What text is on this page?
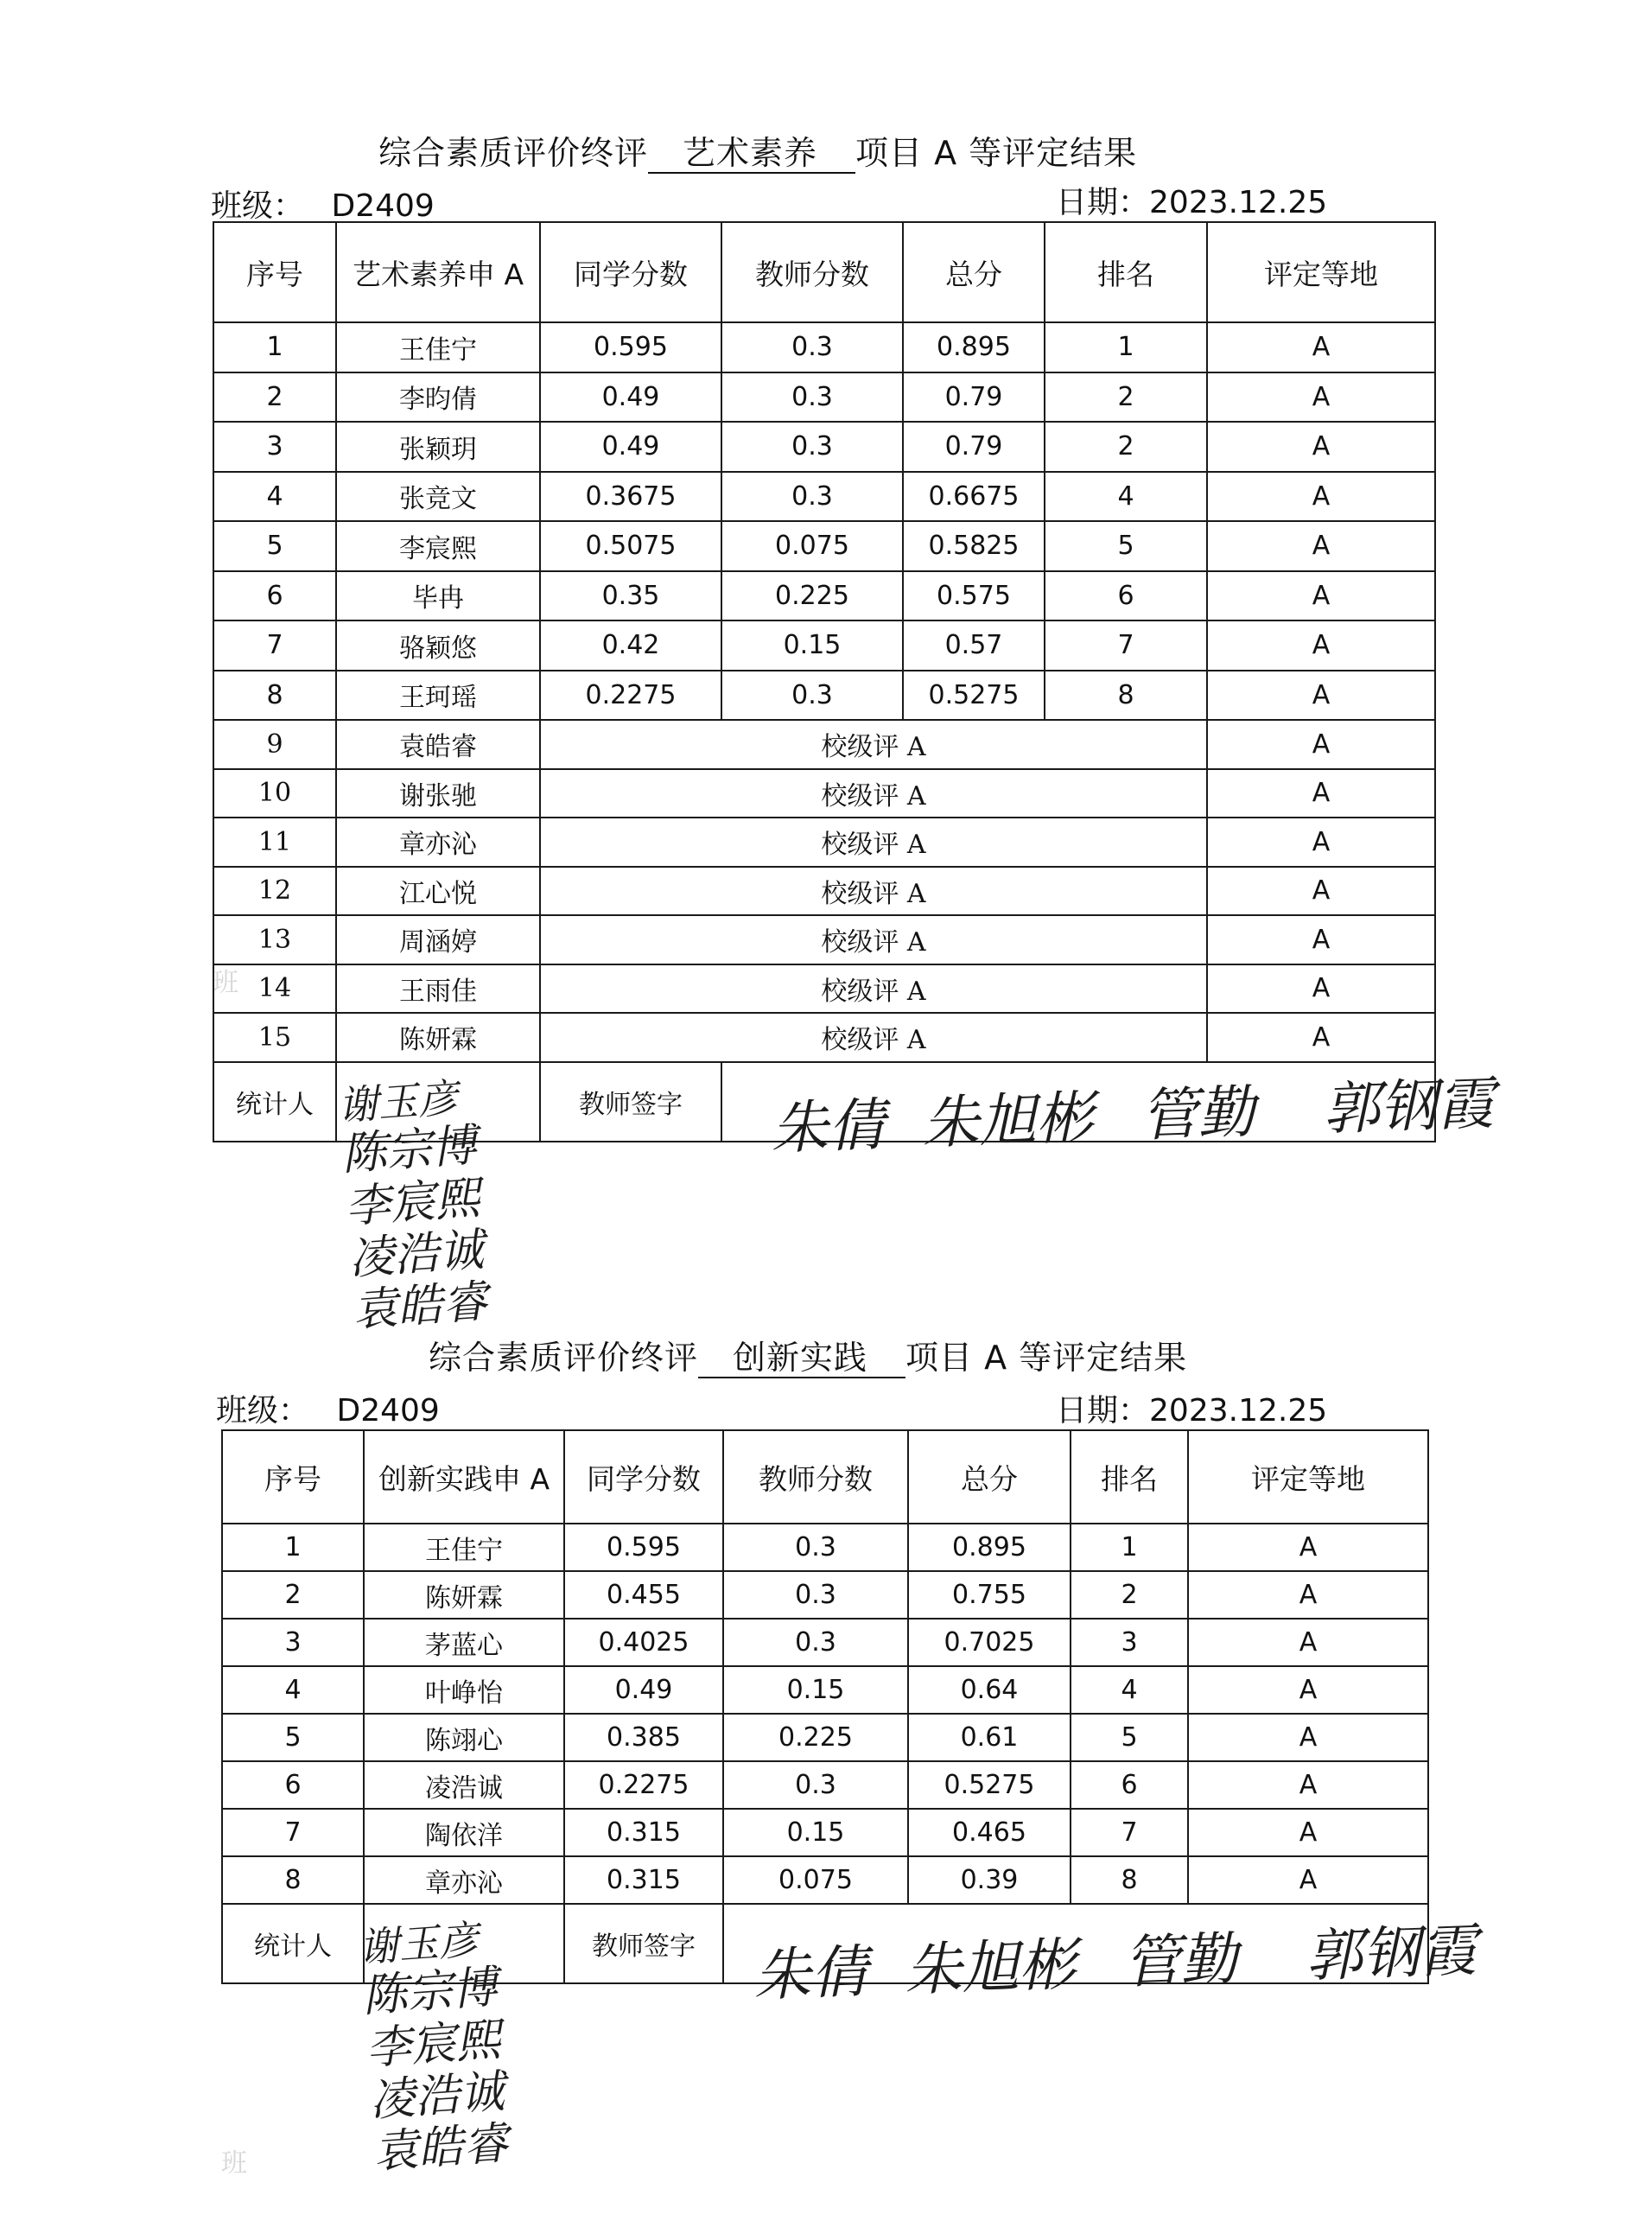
班
班
综合素质评价终评 艺术素养 项目 A 等评定结果
班级： D2409	日期：2023.12.25
序号	艺术素养申 A	同学分数	教师分数	总分	排名	评定等地
1	王佳宁	0.595	0.3	0.895	1	A
2	李昀倩	0.49	0.3	0.79	2	A
3	张颖玥	0.49	0.3	0.79	2	A
4	张竞文	0.3675	0.3	0.6675	4	A
5	李宸熙	0.5075	0.075	0.5825	5	A
6	毕冉	0.35	0.225	0.575	6	A
7	骆颖悠	0.42	0.15	0.57	7	A
8	王珂瑶	0.2275	0.3	0.5275	8	A
9	袁皓睿	校级评 A				A
10	谢张驰	校级评 A				A
11	章亦沁	校级评 A				A
12	江心悦	校级评 A				A
13	周涵婷	校级评 A				A
14	王雨佳	校级评 A				A
15	陈妍霖	校级评 A				A
统计人		教师签字				
综合素质评价终评 创新实践 项目 A 等评定结果
班级： D2409	日期：2023.12.25
序号	创新实践申 A	同学分数	教师分数	总分	排名	评定等地
1	王佳宁	0.595	0.3	0.895	1	A
2	陈妍霖	0.455	0.3	0.755	2	A
3	茅蓝心	0.4025	0.3	0.7025	3	A
4	叶峥怡	0.49	0.15	0.64	4	A
5	陈翊心	0.385	0.225	0.61	5	A
6	凌浩诚	0.2275	0.3	0.5275	6	A
7	陶依洋	0.315	0.15	0.465	7	A
8	章亦沁	0.315	0.075	0.39	8	A
统计人		教师签字				
朱倩 朱旭彬 管勤 郭钢霞
谢玉彦
陈宗博
李宸熙
凌浩诚
袁皓睿
朱倩 朱旭彬 管勤 郭钢霞
谢玉彦
陈宗博
李宸熙
凌浩诚
袁皓睿
